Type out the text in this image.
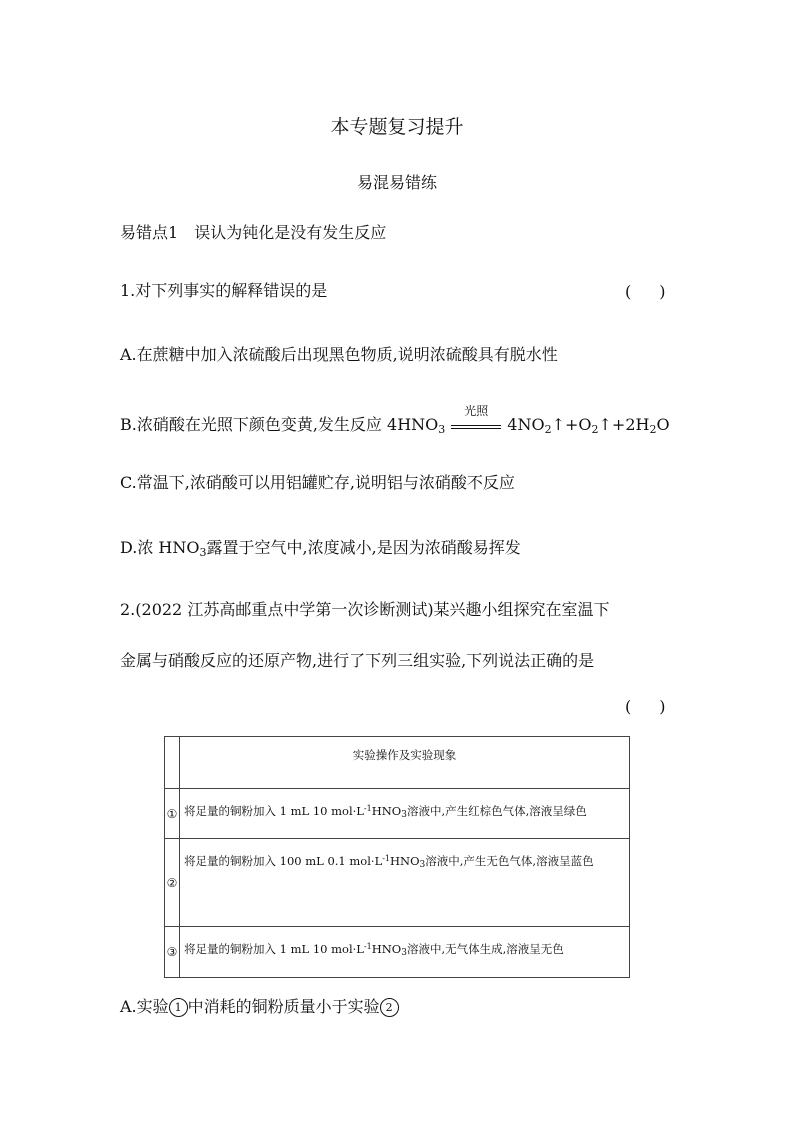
本专题复习提升
易混易错练
易错点1 误认为钝化是没有发生反应
1.对下列事实的解释错误的是	( )
A.在蔗糖中加入浓硫酸后出现黑色物质,说明浓硫酸具有脱水性
B.浓硝酸在光照下颜色变黄,发生反应 $4HNO_3$
光照
$4NO_2↑+O_2↑+2H_2O$
C.常温下,浓硝酸可以用铝罐贮存,说明铝与浓硝酸不反应
D.浓 $HNO_3$露置于空气中,浓度减小,是因为浓硝酸易挥发
2.(2022 江苏高邮重点中学第一次诊断测试)某兴趣小组探究在室温下
金属与硝酸反应的还原产物,进行了下列三组实验,下列说法正确的是
( )
	实验操作及实验现象
①	将足量的铜粉加入 1 mL 10 $mol\cdot L^{-1}HNO3$溶液中,产生红棕色气体,溶液呈绿色
②	将足量的铜粉加入 100 mL 0.1 $mol\cdot L^{-1}HNO3$溶液中,产生无色气体,溶液呈蓝色
③	将足量的铜粉加入 1 mL 10 $mol\cdot L^{-1}HNO3$溶液中,无气体生成,溶液呈无色
A.实验 1 中消耗的铜粉质量小于实验 2
